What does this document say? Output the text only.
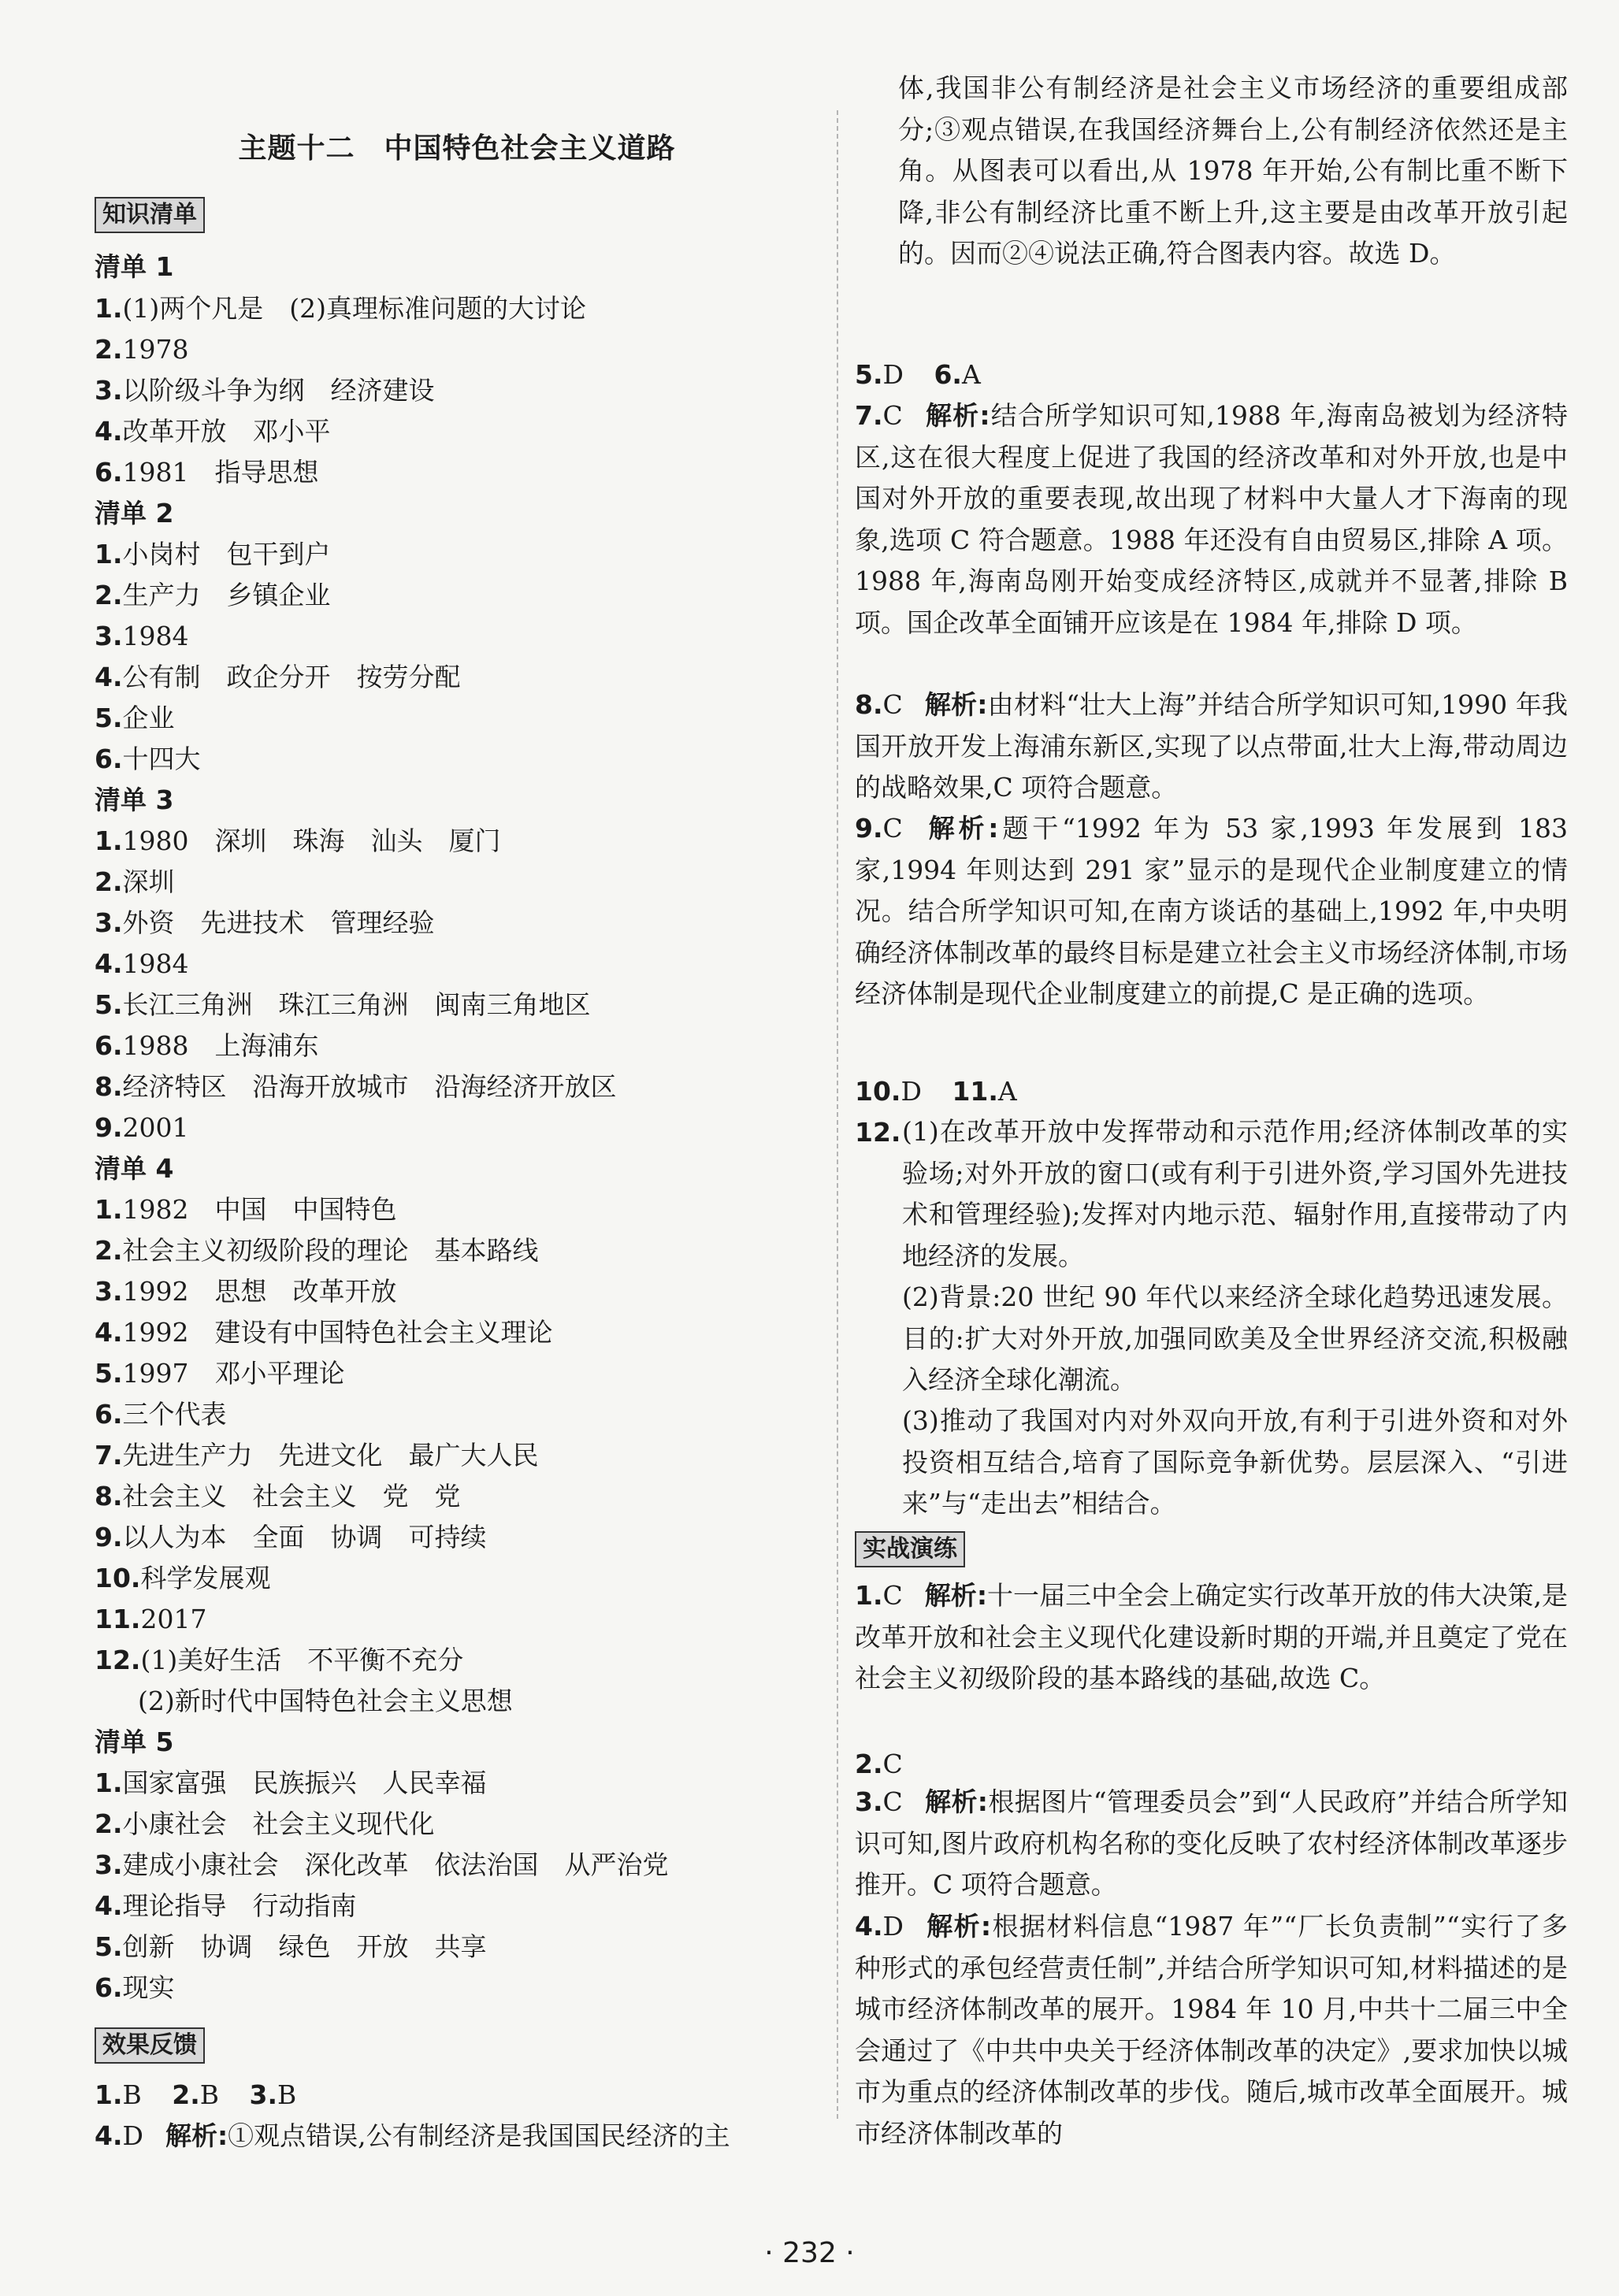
主题十二　中国特色社会主义道路
知识清单
清单 1
1.(1)两个凡是　(2)真理标准问题的大讨论
2.1978
3.以阶级斗争为纲　经济建设
4.改革开放　邓小平
6.1981　指导思想
清单 2
1.小岗村　包干到户
2.生产力　乡镇企业
3.1984
4.公有制　政企分开　按劳分配
5.企业
6.十四大
清单 3
1.1980　深圳　珠海　汕头　厦门
2.深圳
3.外资　先进技术　管理经验
4.1984
5.长江三角洲　珠江三角洲　闽南三角地区
6.1988　上海浦东
8.经济特区　沿海开放城市　沿海经济开放区
9.2001
清单 4
1.1982　中国　中国特色
2.社会主义初级阶段的理论　基本路线
3.1992　思想　改革开放
4.1992　建设有中国特色社会主义理论
5.1997　邓小平理论
6.三个代表
7.先进生产力　先进文化　最广大人民
8.社会主义　社会主义　党　党
9.以人为本　全面　协调　可持续
10.科学发展观
11.2017
12.(1)美好生活　不平衡不充分
(2)新时代中国特色社会主义思想
清单 5
1.国家富强　民族振兴　人民幸福
2.小康社会　社会主义现代化
3.建成小康社会　深化改革　依法治国　从严治党
4.理论指导　行动指南
5.创新　协调　绿色　开放　共享
6.现实
效果反馈
1.B 2.B 3.B
4.D 解析:①观点错误,公有制经济是我国国民经济的主
体,我国非公有制经济是社会主义市场经济的重要组成部分;③观点错误,在我国经济舞台上,公有制经济依然还是主角。从图表可以看出,从 1978 年开始,公有制比重不断下降,非公有制经济比重不断上升,这主要是由改革开放引起的。因而②④说法正确,符合图表内容。故选 D。
5.D 6.A
7.C 解析:结合所学知识可知,1988 年,海南岛被划为经济特区,这在很大程度上促进了我国的经济改革和对外开放,也是中国对外开放的重要表现,故出现了材料中大量人才下海南的现象,选项 C 符合题意。1988 年还没有自由贸易区,排除 A 项。1988 年,海南岛刚开始变成经济特区,成就并不显著,排除 B 项。国企改革全面铺开应该是在 1984 年,排除 D 项。
8.C 解析:由材料“壮大上海”并结合所学知识可知,1990 年我国开放开发上海浦东新区,实现了以点带面,壮大上海,带动周边的战略效果,C 项符合题意。
9.C 解析:题干“1992 年为 53 家,1993 年发展到 183 家,1994 年则达到 291 家”显示的是现代企业制度建立的情况。结合所学知识可知,在南方谈话的基础上,1992 年,中央明确经济体制改革的最终目标是建立社会主义市场经济体制,市场经济体制是现代企业制度建立的前提,C 是正确的选项。
10.D 11.A
12. (1)在改革开放中发挥带动和示范作用;经济体制改革的实验场;对外开放的窗口(或有利于引进外资,学习国外先进技术和管理经验);发挥对内地示范、辐射作用,直接带动了内地经济的发展。
(2)背景:20 世纪 90 年代以来经济全球化趋势迅速发展。目的:扩大对外开放,加强同欧美及全世界经济交流,积极融入经济全球化潮流。
(3)推动了我国对内对外双向开放,有利于引进外资和对外投资相互结合,培育了国际竞争新优势。层层深入、“引进来”与“走出去”相结合。
实战演练
1.C 解析:十一届三中全会上确定实行改革开放的伟大决策,是改革开放和社会主义现代化建设新时期的开端,并且奠定了党在社会主义初级阶段的基本路线的基础,故选 C。
2.C
3.C 解析:根据图片“管理委员会”到“人民政府”并结合所学知识可知,图片政府机构名称的变化反映了农村经济体制改革逐步推开。C 项符合题意。
4.D 解析:根据材料信息“1987 年”“厂长负责制”“实行了多种形式的承包经营责任制”,并结合所学知识可知,材料描述的是城市经济体制改革的展开。1984 年 10 月,中共十二届三中全会通过了《中共中央关于经济体制改革的决定》,要求加快以城市为重点的经济体制改革的步伐。随后,城市改革全面展开。城市经济体制改革的
· 232 ·
